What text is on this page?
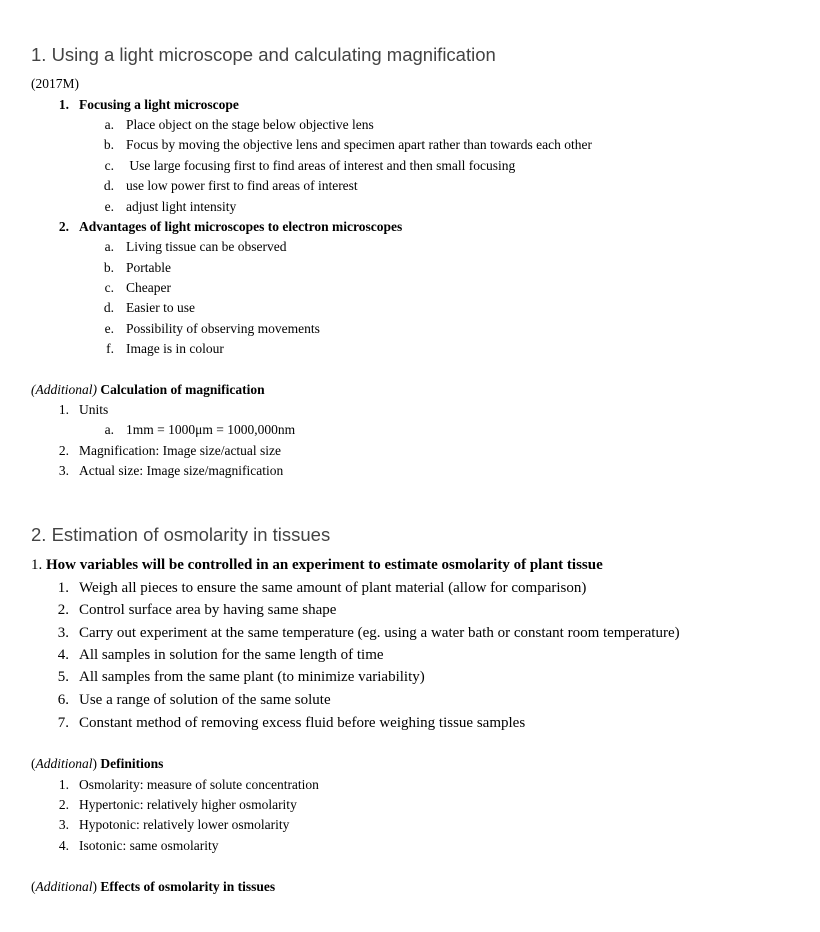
1. Using a light microscope and calculating magnification
(2017M)
1. Focusing a light microscope
a. Place object on the stage below objective lens
b. Focus by moving the objective lens and specimen apart rather than towards each other
c. Use large focusing first to find areas of interest and then small focusing
d. use low power first to find areas of interest
e. adjust light intensity
2. Advantages of light microscopes to electron microscopes
a. Living tissue can be observed
b. Portable
c. Cheaper
d. Easier to use
e. Possibility of observing movements
f. Image is in colour
(Additional) Calculation of magnification
1. Units
a. 1mm = 1000μm = 1000,000nm
2. Magnification: Image size/actual size
3. Actual size: Image size/magnification
2. Estimation of osmolarity in tissues
1. How variables will be controlled in an experiment to estimate osmolarity of plant tissue
1. Weigh all pieces to ensure the same amount of plant material (allow for comparison)
2. Control surface area by having same shape
3. Carry out experiment at the same temperature (eg. using a water bath or constant room temperature)
4. All samples in solution for the same length of time
5. All samples from the same plant (to minimize variability)
6. Use a range of solution of the same solute
7. Constant method of removing excess fluid before weighing tissue samples
(Additional) Definitions
1. Osmolarity: measure of solute concentration
2. Hypertonic: relatively higher osmolarity
3. Hypotonic: relatively lower osmolarity
4. Isotonic: same osmolarity
(Additional) Effects of osmolarity in tissues
